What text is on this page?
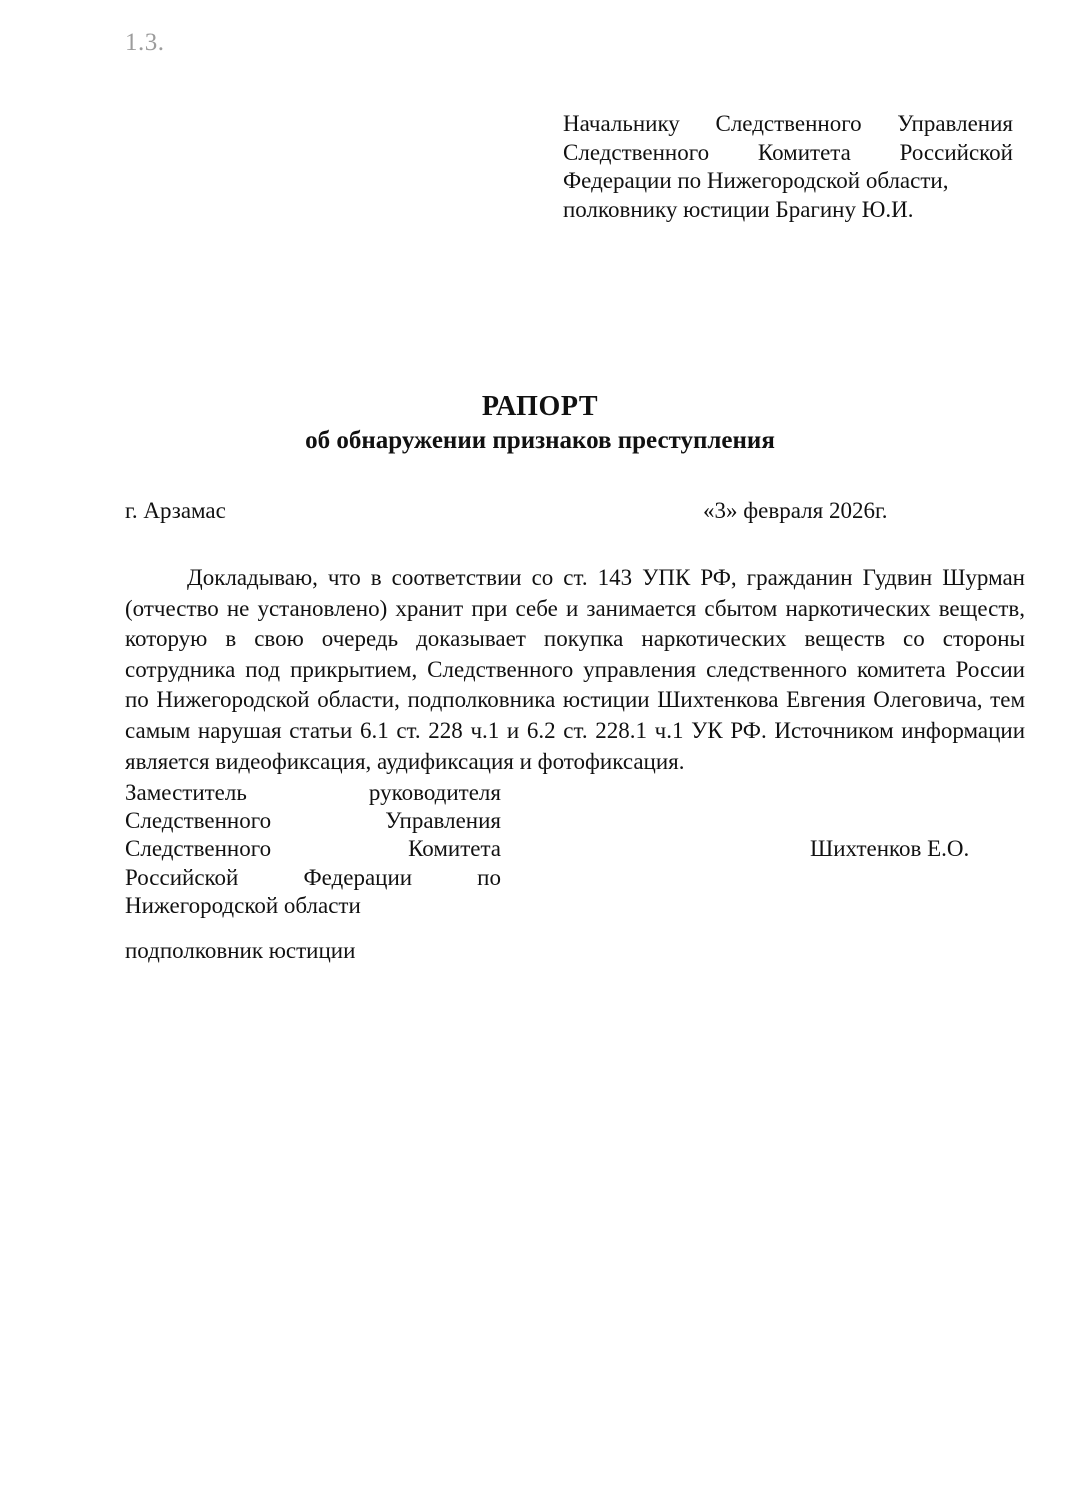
1.3.
Начальнику Следственного Управления
Следственного Комитета Российской
Федерации по Нижегородской области,
полковнику юстиции Брагину Ю.И.
РАПОРТ
об обнаружении признаков преступления
г. Арзамас	«3» февраля 2026г.
Докладываю, что в соответствии со ст. 143 УПК РФ, гражданин Гудвин Шурман (отчество не установлено) хранит при себе и занимается сбытом наркотических веществ, которую в свою очередь доказывает покупка наркотических веществ со стороны сотрудника под прикрытием, Следственного управления следственного комитета России по Нижегородской области, подполковника юстиции Шихтенкова Евгения Олеговича, тем самым нарушая статьи 6.1 ст. 228 ч.1 и 6.2 ст. 228.1 ч.1 УК РФ. Источником информации является видеофиксация, аудификсация и фотофиксация.
Заместитель	руководителя
Следственного	Управления
Следственного	Комитета
Российской	Федерации	по
Нижегородской области
Шихтенков Е.О.
подполковник юстиции
